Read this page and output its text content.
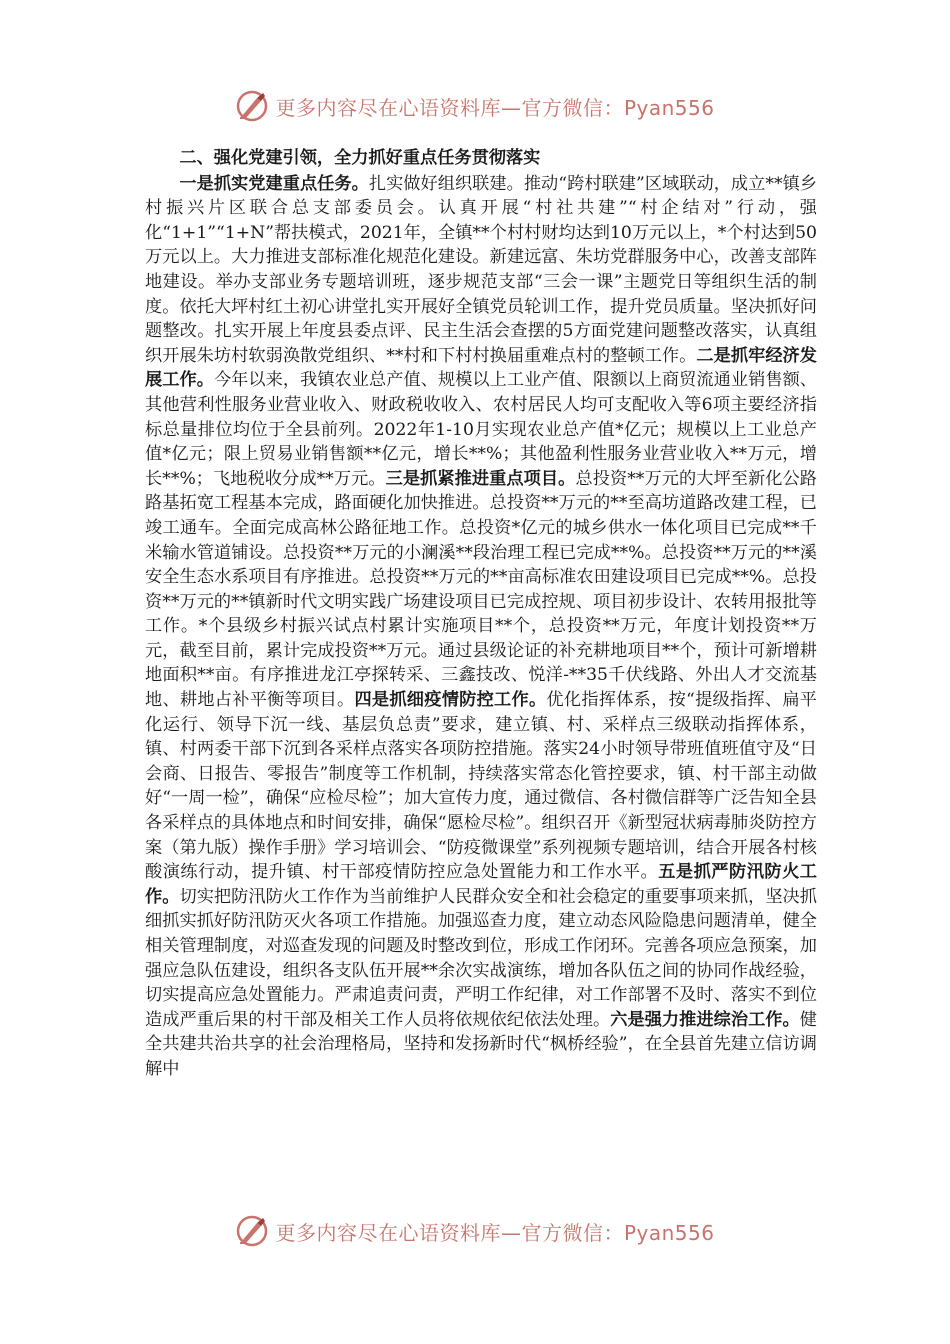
更多内容尽在心语资料库—官方微信：Pyan556
二、强化党建引领，全力抓好重点任务贯彻落实

一是抓实党建重点任务。扎实做好组织联建。推动“跨村联建”区域联动，成立**镇乡村振兴片区联合总支部委员会。认真开展“村社共建”“村企结对”行动，强化“1+1”“1+N”帮扶模式，2021年，全镇**个村村财均达到10万元以上，*个村达到50万元以上。大力推进支部标准化规范化建设。新建远富、朱坊党群服务中心，改善支部阵地建设。举办支部业务专题培训班，逐步规范支部“三会一课”主题党日等组织生活的制度。依托大坪村红土初心讲堂扎实开展好全镇党员轮训工作，提升党员质量。坚决抓好问题整改。扎实开展上年度县委点评、民主生活会查摆的5方面党建问题整改落实，认真组织开展朱坊村软弱涣散党组织、**村和下村村换届重难点村的整顿工作。二是抓牢经济发展工作。今年以来，我镇农业总产值、规模以上工业产值、限额以上商贸流通业销售额、其他营利性服务业营业收入、财政税收收入、农村居民人均可支配收入等6项主要经济指标总量排位均位于全县前列。2022年1-10月实现农业总产值*亿元；规模以上工业总产值*亿元；限上贸易业销售额**亿元，增长**%；其他盈利性服务业营业收入**万元，增长**%；飞地税收分成**万元。三是抓紧推进重点项目。总投资**万元的大坪至新化公路路基拓宽工程基本完成，路面硬化加快推进。总投资**万元的**至高坊道路改建工程，已竣工通车。全面完成高林公路征地工作。总投资*亿元的城乡供水一体化项目已完成**千米输水管道铺设。总投资**万元的小澜溪**段治理工程已完成**%。总投资**万元的**溪安全生态水系项目有序推进。总投资**万元的**亩高标准农田建设项目已完成**%。总投资**万元的**镇新时代文明实践广场建设项目已完成控规、项目初步设计、农转用报批等工作。*个县级乡村振兴试点村累计实施项目**个，总投资**万元，年度计划投资**万元，截至目前，累计完成投资**万元。通过县级论证的补充耕地项目**个，预计可新增耕地面积**亩。有序推进龙江亭探转采、三鑫技改、悦洋-**35千伏线路、外出人才交流基地、耕地占补平衡等项目。四是抓细疫情防控工作。优化指挥体系，按“提级指挥、扁平化运行、领导下沉一线、基层负总责”要求，建立镇、村、采样点三级联动指挥体系，镇、村两委干部下沉到各采样点落实各项防控措施。落实24小时领导带班值班值守及“日会商、日报告、零报告”制度等工作机制，持续落实常态化管控要求，镇、村干部主动做好“一周一检”，确保“应检尽检”；加大宣传力度，通过微信、各村微信群等广泛告知全县各采样点的具体地点和时间安排，确保“愿检尽检”。组织召开《新型冠状病毒肺炎防控方案（第九版）操作手册》学习培训会、“防疫微课堂”系列视频专题培训，结合开展各村核酸演练行动，提升镇、村干部疫情防控应急处置能力和工作水平。五是抓严防汛防火工作。切实把防汛防火工作作为当前维护人民群众安全和社会稳定的重要事项来抓，坚决抓细抓实抓好防汛防灭火各项工作措施。加强巡查力度，建立动态风险隐患问题清单，健全相关管理制度，对巡查发现的问题及时整改到位，形成工作闭环。完善各项应急预案，加强应急队伍建设，组织各支队伍开展**余次实战演练，增加各队伍之间的协同作战经验，切实提高应急处置能力。严肃追责问责，严明工作纪律，对工作部署不及时、落实不到位造成严重后果的村干部及相关工作人员将依规依纪依法处理。六是强力推进综治工作。健全共建共治共享的社会治理格局，坚持和发扬新时代“枫桥经验”，在全县首先建立信访调解中

更多内容尽在心语资料库—官方微信：Pyan556
